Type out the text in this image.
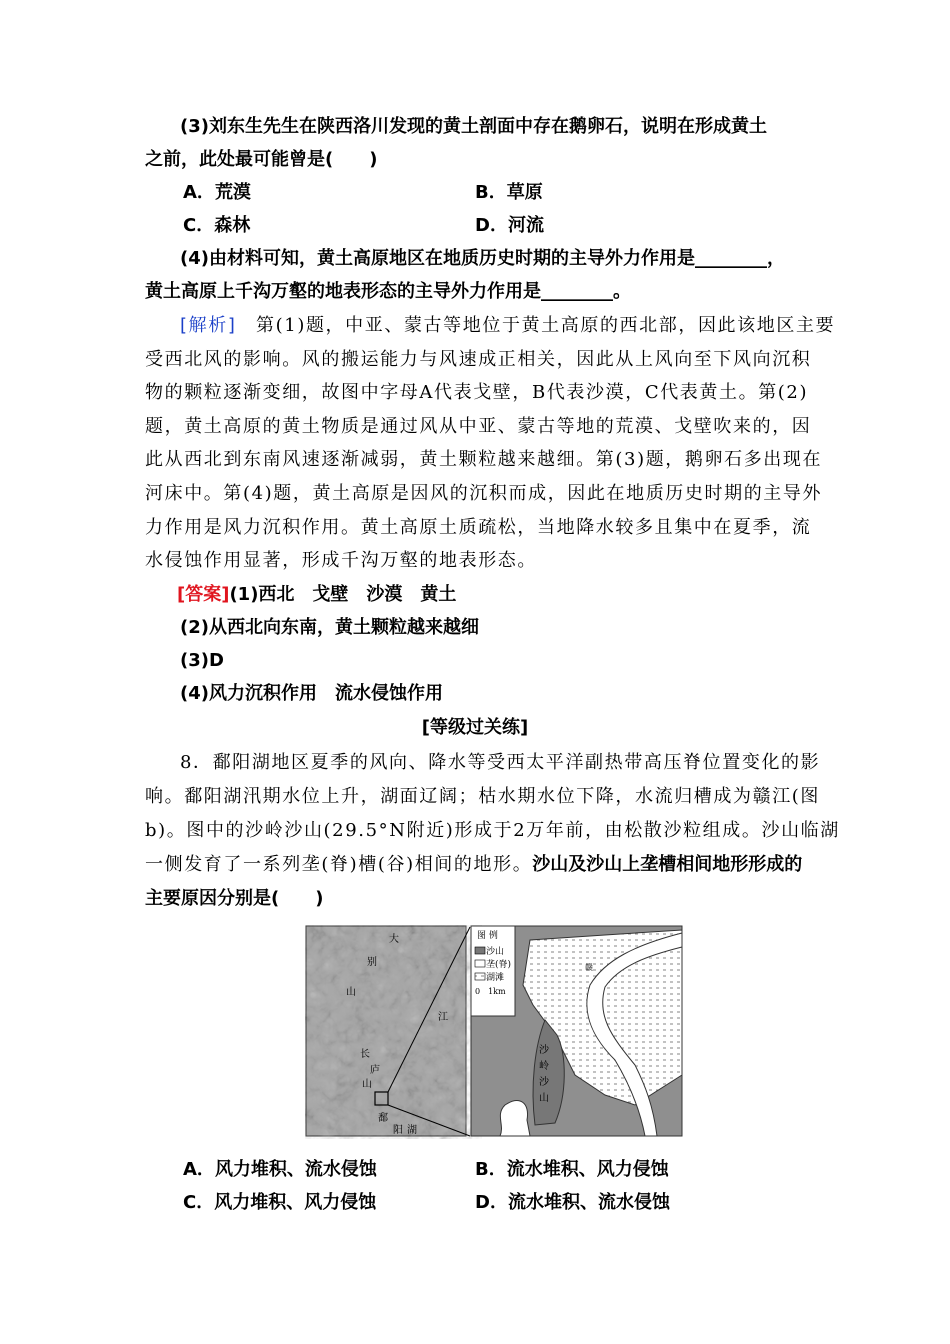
(3)刘东生先生在陕西洛川发现的黄土剖面中存在鹅卵石，说明在形成黄土
之前，此处最可能曾是(　　)
A．荒漠	B．草原
C．森林	D．河流
(4)由材料可知，黄土高原地区在地质历史时期的主导外力作用是________，
黄土高原上千沟万壑的地表形态的主导外力作用是________。
[解析]　第(1)题，中亚、蒙古等地位于黄土高原的西北部，因此该地区主要
受西北风的影响。风的搬运能力与风速成正相关，因此从上风向至下风向沉积
物的颗粒逐渐变细，故图中字母A代表戈壁，B代表沙漠，C代表黄土。第(2)
题，黄土高原的黄土物质是通过风从中亚、蒙古等地的荒漠、戈壁吹来的，因
此从西北到东南风速逐渐减弱，黄土颗粒越来越细。第(3)题，鹅卵石多出现在
河床中。第(4)题，黄土高原是因风的沉积而成，因此在地质历史时期的主导外
力作用是风力沉积作用。黄土高原土质疏松，当地降水较多且集中在夏季，流
水侵蚀作用显著，形成千沟万壑的地表形态。
[答案](1)西北　戈壁　沙漠　黄土
(2)从西北向东南，黄土颗粒越来越细
(3)D
(4)风力沉积作用　流水侵蚀作用
[等级过关练]
8．鄱阳湖地区夏季的风向、降水等受西太平洋副热带高压脊位置变化的影
响。鄱阳湖汛期水位上升，湖面辽阔；枯水期水位下降，水流归槽成为赣江(图
b)。图中的沙岭沙山(29.5°N附近)形成于2万年前，由松散沙粒组成。沙山临湖
一侧发育了一系列垄(脊)槽(谷)相间的地形。沙山及沙山上垄槽相间地形形成的
主要原因分别是(　　)
大
别
山
江
长
庐
山
鄱
阳 湖
图 例
沙山
垄(脊)
湖滩
0　1km
赣
沙
岭
沙
山
A．风力堆积、流水侵蚀	B．流水堆积、风力侵蚀
C．风力堆积、风力侵蚀	D．流水堆积、流水侵蚀
